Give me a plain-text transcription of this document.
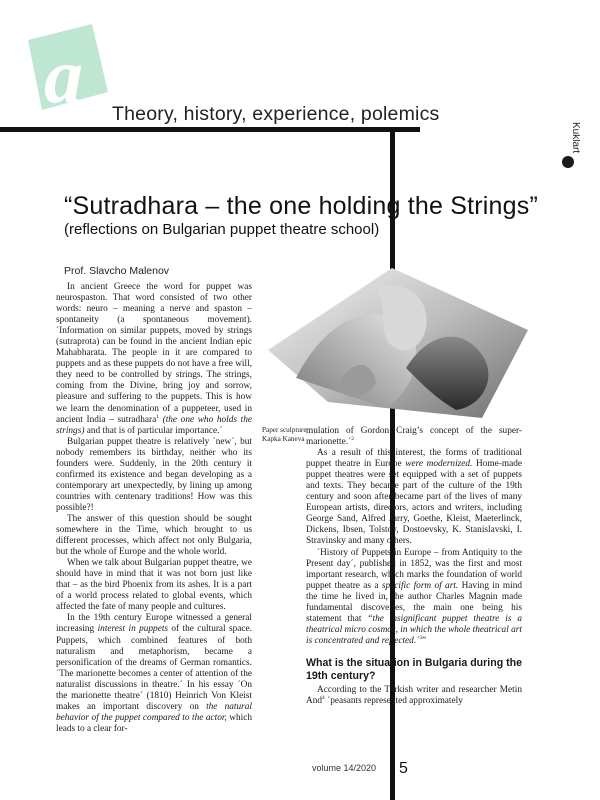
a Theory, history, experience, polemics
Kuklаrt
“Sutradhara – the one holding the Strings”
(reflections on Bulgarian puppet theatre school)
Prof. Slavcho Malenov
Paper sculpture
Kapka Kaneva

In ancient Greece the word for puppet was neurospaston. That word consisted of two other words: neuro – meaning a nerve and spaston – spontaneity (a spontaneous movement). ´Information on similar puppets, moved by strings (sutraprota) can be found in the ancient Indian epic Mahabharata. The people in it are compared to puppets and as these puppets do not have a free will, they need to be controlled by strings. The strings, coming from the Divine, bring joy and sorrow, pleasure and suffering to the puppets. This is how we learn the denomination of a puppeteer, used in ancient India – sutradhara$^1$ (the one who holds the strings) and that is of particular importance.´

Bulgarian puppet theatre is relatively ´new´, but nobody remembers its birthday, neither who its founders were. Suddenly, in the 20th century it confirmed its existence and began developing as a contemporary art unexpectedly, by lining up among countries with centenary traditions! How was this possible?!

The answer of this question should be sought somewhere in the Time, which brought to us different processes, which affect not only Bulgaria, but the whole of Europe and the whole world.

When we talk about Bulgarian puppet theatre, we should have in mind that it was not born just like that – as the bird Phoenix from its ashes. It is a part of a world process related to global events, which affected the fate of many people and cultures.

In the 19th century Europe witnessed a general increasing interest in puppets of the cultural space. Puppets, which combined features of both naturalism and metaphorism, became a personification of the dreams of German romantics. ´The marionette becomes a center of attention of the naturalist discussions in theatre.´ In his essay ´On the marionette theatre´ (1810) Heinrich Von Kleist makes an important discovery on the natural behavior of the puppet compared to the actor, which leads to a clear for-

mulation of Gordon Craig’s concept of the super-marionette.´$^2$

As a result of this interest, the forms of traditional puppet theatre in Europe were modernized. Home-made puppet theatres were set equipped with a set of puppets and texts. They became part of the culture of the 19th century and soon after became part of the lives of many European artists, directors, actors and writers, including George Sand, Alfred Jarry, Goethe, Kleist, Maeterlinck, Dickens, Ibsen, Tolstoy, Dostoevsky, K. Stanislavski, I. Stravinsky and many others.

´History of Puppets in Europe – from Antiquity to the Present day´, published in 1852, was the first and most important research, which marks the foundation of world puppet theatre as a specific form of art. Having in mind the time he lived in, the author Charles Magnin made fundamental discoveries, the main one being his statement that “the insignificant puppet theatre is a theatrical micro cosmos, in which the whole theatrical art is concentrated and reflected.´$^3$”

What is the situation in Bulgaria during the 19th century?

According to the Turkish writer and researcher Metin And$^4$ ´peasants represented approximately

volume 14/2020 5
